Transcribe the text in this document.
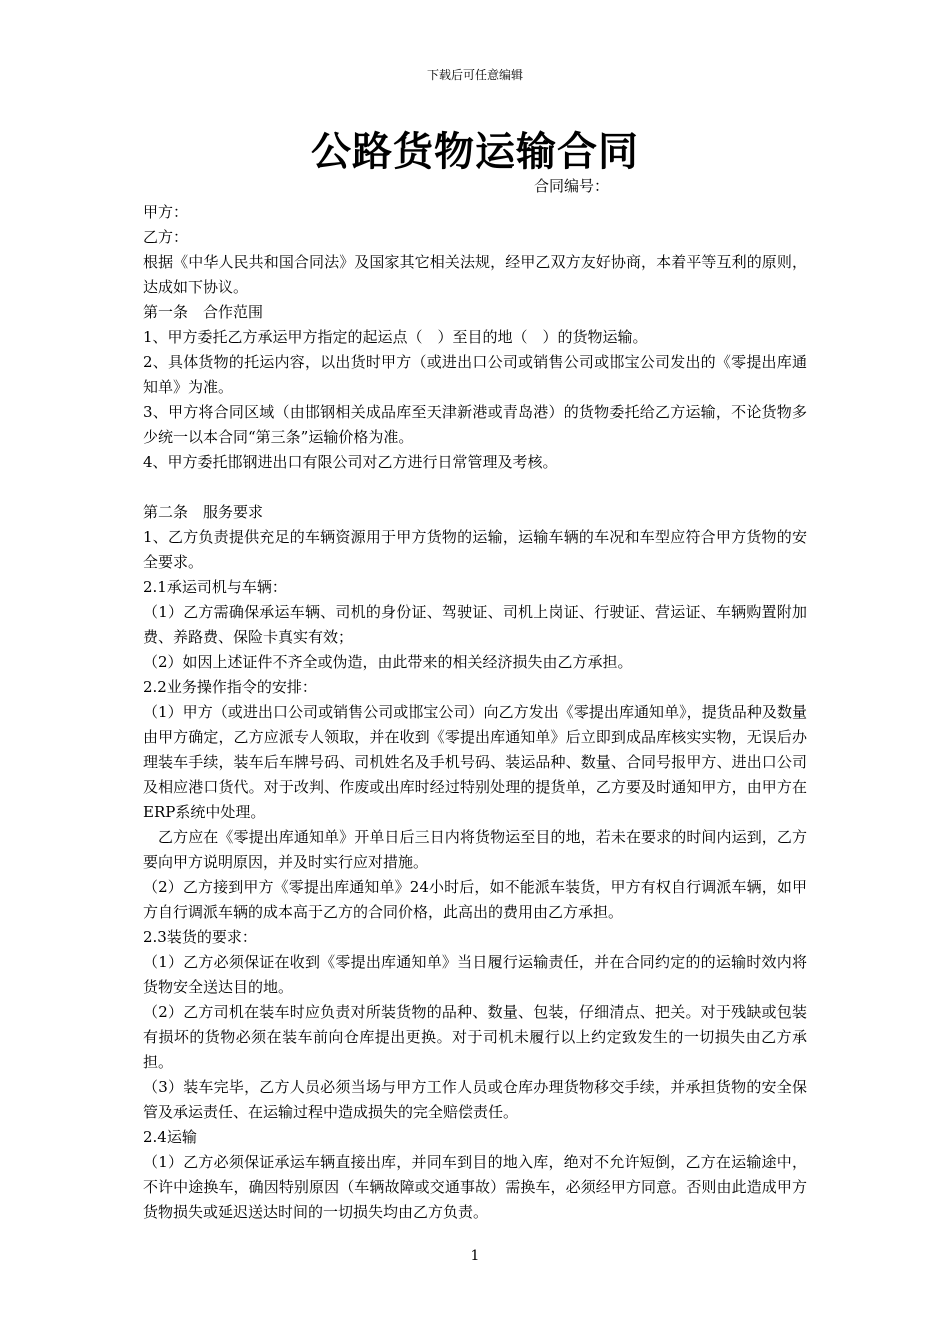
下载后可任意编辑
公路货物运输合同
合同编号：

甲方：

乙方：

根据《中华人民共和国合同法》及国家其它相关法规，经甲乙双方友好协商，本着平等互利的原则，达成如下协议。

第一条　合作范围

1、甲方委托乙方承运甲方指定的起运点（　）至目的地（　）的货物运输。

2、具体货物的托运内容，以出货时甲方（或进出口公司或销售公司或邯宝公司发出的《零提出库通知单》为准。

3、甲方将合同区域（由邯钢相关成品库至天津新港或青岛港）的货物委托给乙方运输，不论货物多少统一以本合同“第三条”运输价格为准。

4、甲方委托邯钢进出口有限公司对乙方进行日常管理及考核。

第二条　服务要求

1、乙方负责提供充足的车辆资源用于甲方货物的运输，运输车辆的车况和车型应符合甲方货物的安全要求。

2.1承运司机与车辆：

（1）乙方需确保承运车辆、司机的身份证、驾驶证、司机上岗证、行驶证、营运证、车辆购置附加费、养路费、保险卡真实有效；

（2）如因上述证件不齐全或伪造，由此带来的相关经济损失由乙方承担。

2.2业务操作指令的安排：

（1）甲方（或进出口公司或销售公司或邯宝公司）向乙方发出《零提出库通知单》，提货品种及数量由甲方确定，乙方应派专人领取，并在收到《零提出库通知单》后立即到成品库核实实物，无误后办理装车手续，装车后车牌号码、司机姓名及手机号码、装运品种、数量、合同号报甲方、进出口公司及相应港口货代。对于改判、作废或出库时经过特别处理的提货单，乙方要及时通知甲方，由甲方在ERP系统中处理。

乙方应在《零提出库通知单》开单日后三日内将货物运至目的地，若未在要求的时间内运到，乙方要向甲方说明原因，并及时实行应对措施。

（2）乙方接到甲方《零提出库通知单》24小时后，如不能派车装货，甲方有权自行调派车辆，如甲方自行调派车辆的成本高于乙方的合同价格，此高出的费用由乙方承担。

2.3装货的要求：

（1）乙方必须保证在收到《零提出库通知单》当日履行运输责任，并在合同约定的的运输时效内将货物安全送达目的地。

（2）乙方司机在装车时应负责对所装货物的品种、数量、包装，仔细清点、把关。对于残缺或包装有损坏的货物必须在装车前向仓库提出更换。对于司机未履行以上约定致发生的一切损失由乙方承担。

（3）装车完毕，乙方人员必须当场与甲方工作人员或仓库办理货物移交手续，并承担货物的安全保管及承运责任、在运输过程中造成损失的完全赔偿责任。

2.4运输

（1）乙方必须保证承运车辆直接出库，并同车到目的地入库，绝对不允许短倒，乙方在运输途中，不许中途换车，确因特别原因（车辆故障或交通事故）需换车，必须经甲方同意。否则由此造成甲方货物损失或延迟送达时间的一切损失均由乙方负责。

1
